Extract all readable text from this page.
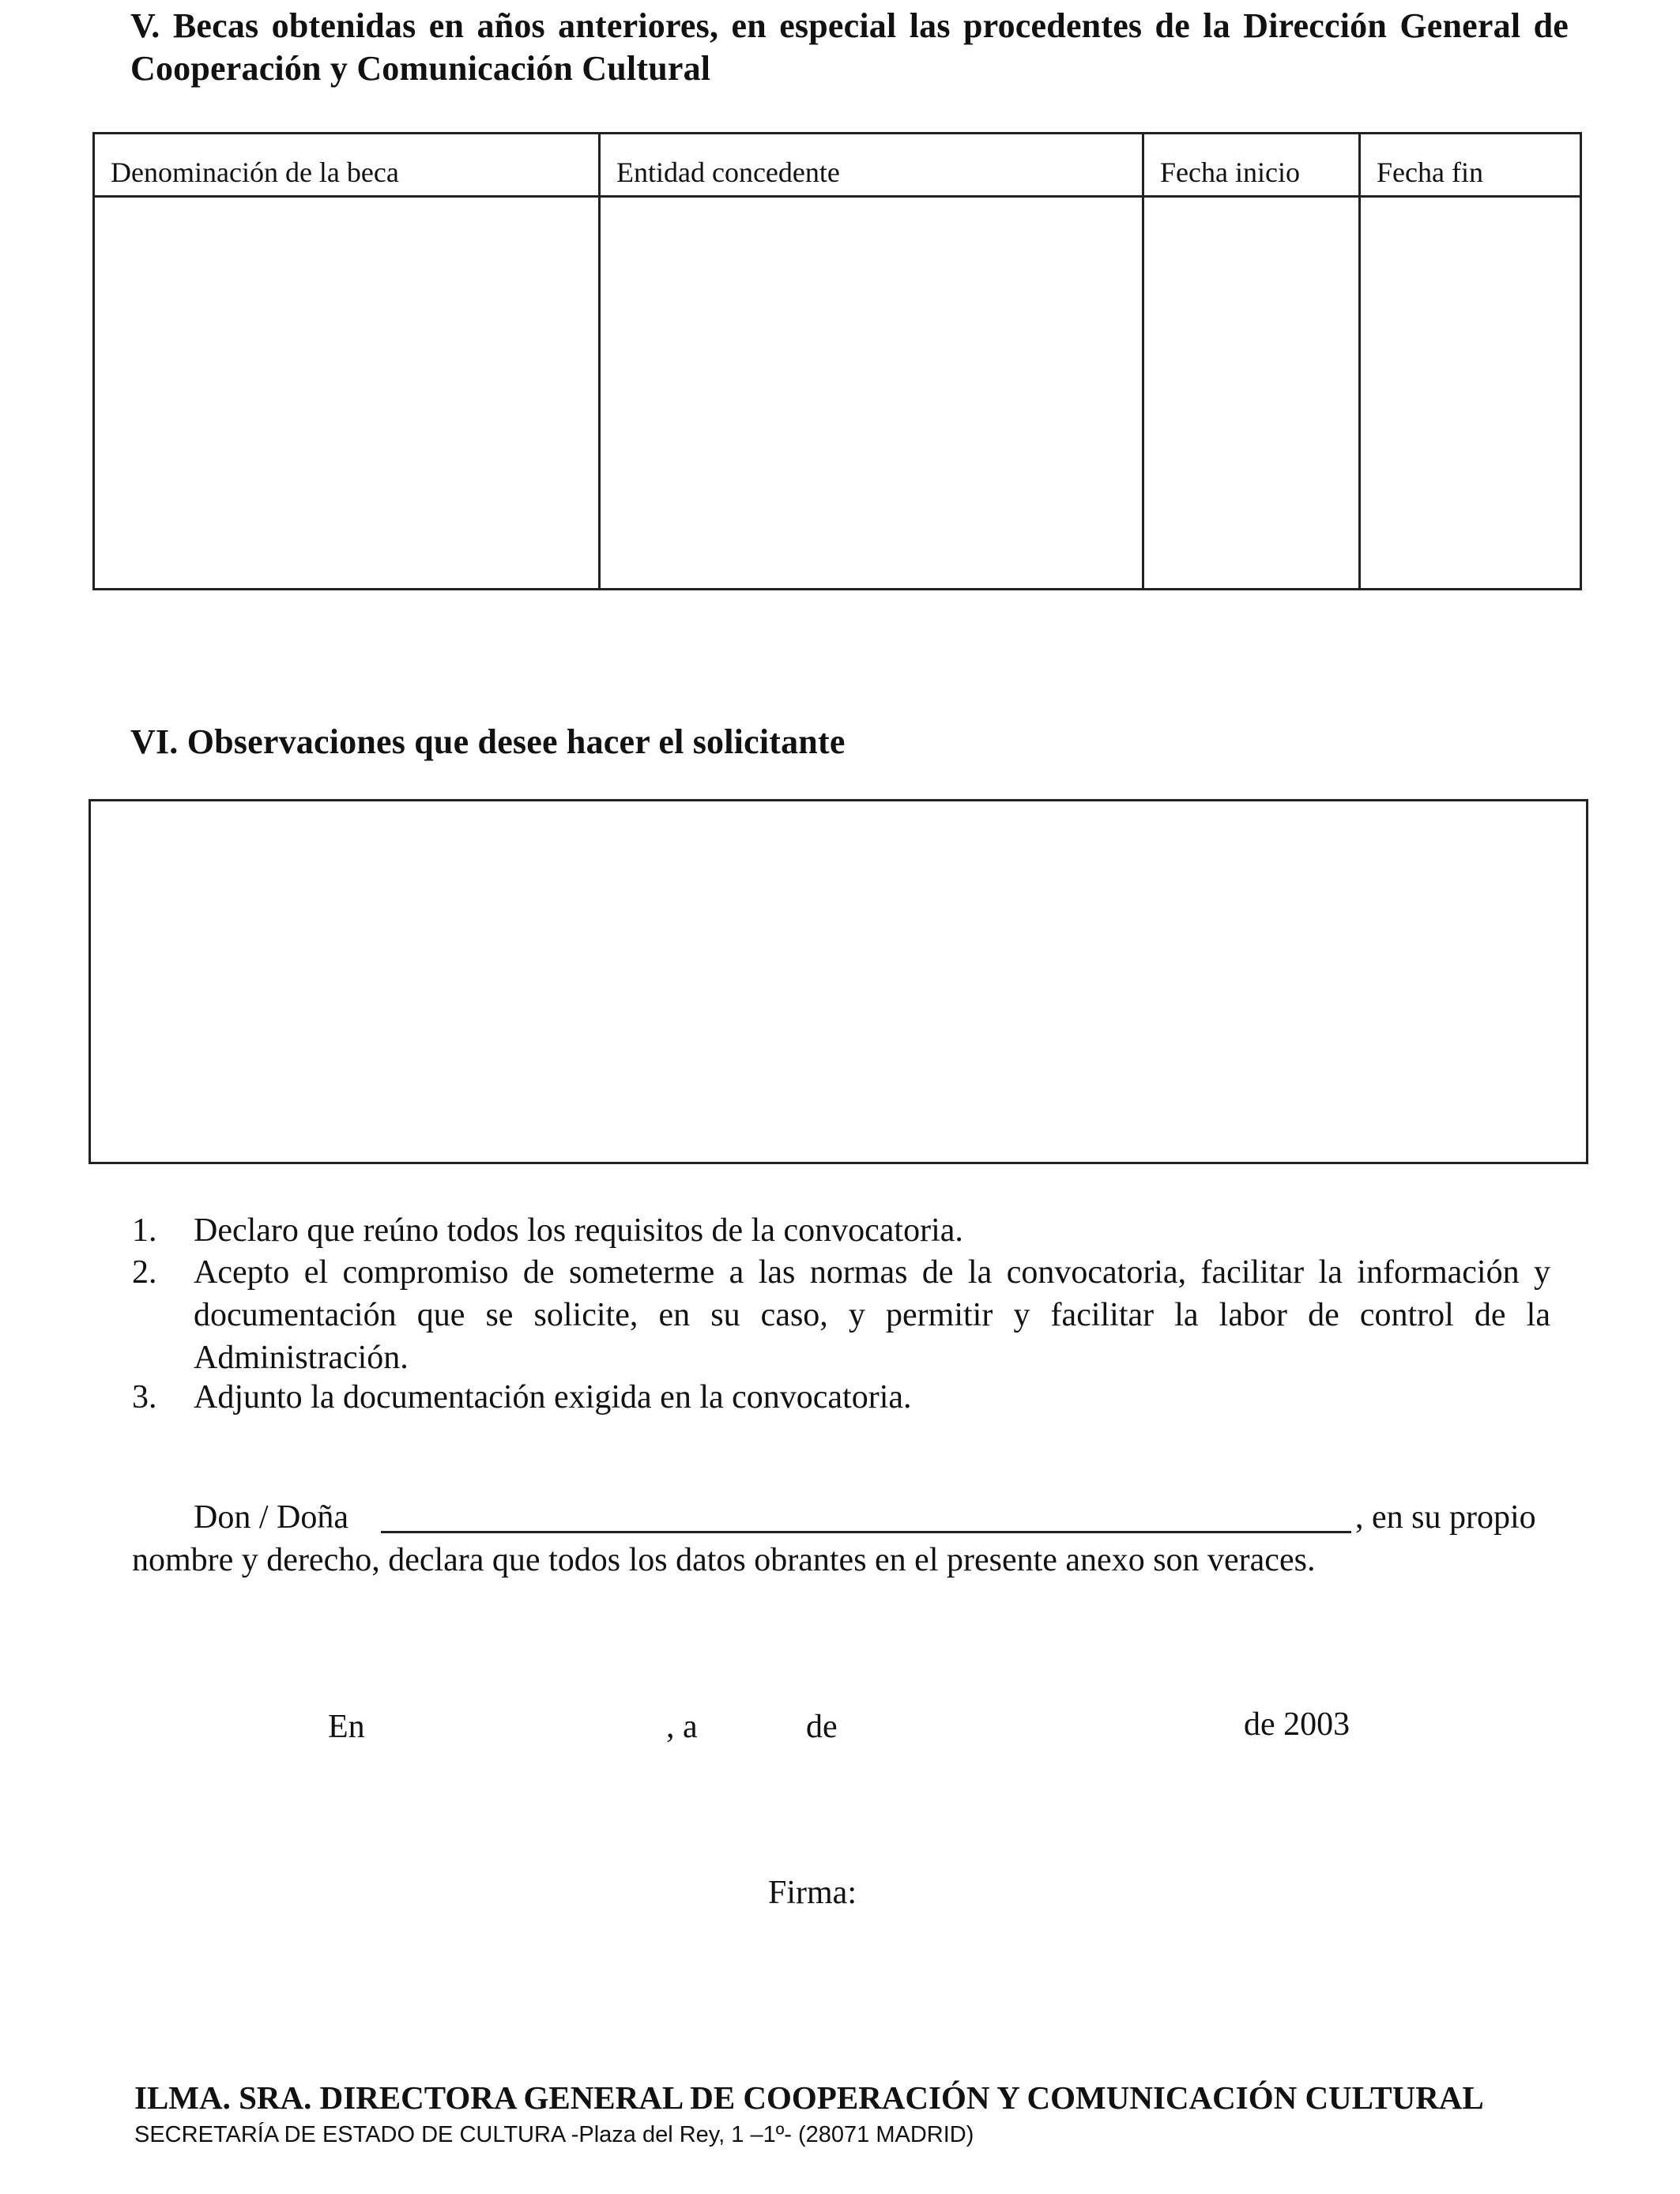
V. Becas obtenidas en años anteriores, en especial las procedentes de la Dirección General de Cooperación y Comunicación Cultural
Denominación de la beca	Entidad concedente	Fecha inicio	Fecha fin
VI. Observaciones que desee hacer el solicitante
1.	Declaro que reúno todos los requisitos de la convocatoria.
2.	Acepto el compromiso de someterme a las normas de la convocatoria, facilitar la información y documentación que se solicite, en su caso, y permitir y facilitar la labor de control de la Administración.
3.	Adjunto la documentación exigida en la convocatoria.
Don / Doña	, en su propio
nombre y derecho, declara que todos los datos obrantes en el presente anexo son veraces.
En	, a	de	de 2003
Firma:
ILMA. SRA. DIRECTORA GENERAL DE COOPERACIÓN Y COMUNICACIÓN CULTURAL
SECRETARÍA DE ESTADO DE CULTURA -Plaza del Rey, 1 –1º- (28071 MADRID)
